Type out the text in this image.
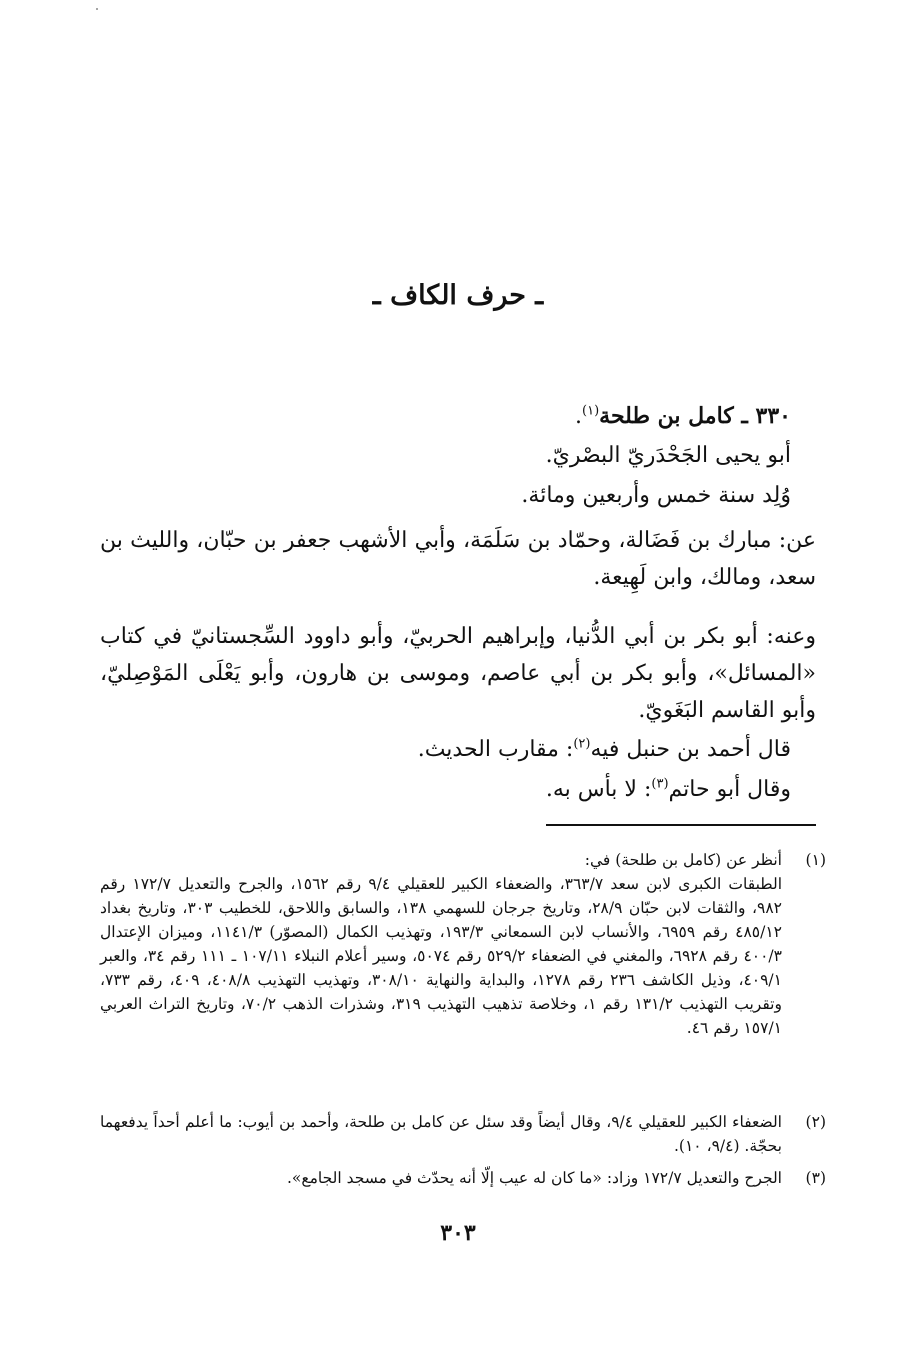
ـ حرف الكاف ـ
٣٣٠ ـ كامل بن طلحة$^{(١)}$.
أبو يحيى الجَحْدَريّ البصْريّ.
وُلِد سنة خمس وأربعين ومائة.
عن: مبارك بن فَضَالة، وحمّاد بن سَلَمَة، وأبي الأشهب جعفر بن حبّان، والليث بن سعد، ومالك، وابن لَهِيعة.
وعنه: أبو بكر بن أبي الدُّنيا، وإبراهيم الحربيّ، وأبو داوود السِّجستانيّ في كتاب «المسائل»، وأبو بكر بن أبي عاصم، وموسى بن هارون، وأبو يَعْلَى المَوْصِليّ، وأبو القاسم البَغَويّ.
قال أحمد بن حنبل فيه$^{(٢)}$: مقارب الحديث.
وقال أبو حاتم$^{(٣)}$: لا بأس به.
(١)
أنظر عن (كامل بن طلحة) في:
الطبقات الكبرى لابن سعد ٣٦٣/٧، والضعفاء الكبير للعقيلي ٩/٤ رقم ١٥٦٢، والجرح والتعديل ١٧٢/٧ رقم ٩٨٢، والثقات لابن حبّان ٢٨/٩، وتاريخ جرجان للسهمي ١٣٨، والسابق واللاحق، للخطيب ٣٠٣، وتاريخ بغداد ٤٨٥/١٢ رقم ٦٩٥٩، والأنساب لابن السمعاني ١٩٣/٣، وتهذيب الكمال (المصوّر) ١١٤١/٣، وميزان الإعتدال ٤٠٠/٣ رقم ٦٩٢٨، والمغني في الضعفاء ٥٢٩/٢ رقم ٥٠٧٤، وسير أعلام النبلاء ١٠٧/١١ ـ ١١١ رقم ٣٤، والعبر ٤٠٩/١، وذيل الكاشف ٢٣٦ رقم ١٢٧٨، والبداية والنهاية ٣٠٨/١٠، وتهذيب التهذيب ٤٠٨/٨، ٤٠٩، رقم ٧٣٣، وتقريب التهذيب ١٣١/٢ رقم ١، وخلاصة تذهيب التهذيب ٣١٩، وشذرات الذهب ٧٠/٢، وتاريخ التراث العربي ١٥٧/١ رقم ٤٦.
(٢)
الضعفاء الكبير للعقيلي ٩/٤، وقال أيضاً وقد سئل عن كامل بن طلحة، وأحمد بن أيوب: ما أعلم أحداً يدفعهما بحجّة. (٩/٤، ١٠).
(٣)
الجرح والتعديل ١٧٢/٧ وزاد: «ما كان له عيب إلّا أنه يحدّث في مسجد الجامع».
٣٠٣
